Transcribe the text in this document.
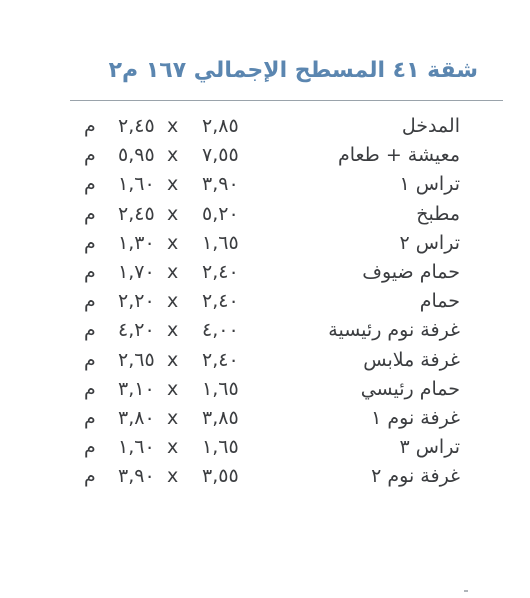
شقة ٤١ المسطح الإجمالي ١٦٧ م٢
المدخل
٢,٨٥
x
٢,٤٥
م
معيشة + طعام
٧,٥٥
x
٥,٩٥
م
تراس ١
٣,٩٠
x
١,٦٠
م
مطبخ
٥,٢٠
x
٢,٤٥
م
تراس ٢
١,٦٥
x
١,٣٠
م
حمام ضيوف
٢,٤٠
x
١,٧٠
م
حمام
٢,٤٠
x
٢,٢٠
م
غرفة نوم رئيسية
٤,٠٠
x
٤,٢٠
م
غرفة ملابس
٢,٤٠
x
٢,٦٥
م
حمام رئيسي
١,٦٥
x
٣,١٠
م
غرفة نوم ١
٣,٨٥
x
٣,٨٠
م
تراس ٣
١,٦٥
x
١,٦٠
م
غرفة نوم ٢
٣,٥٥
x
٣,٩٠
م
